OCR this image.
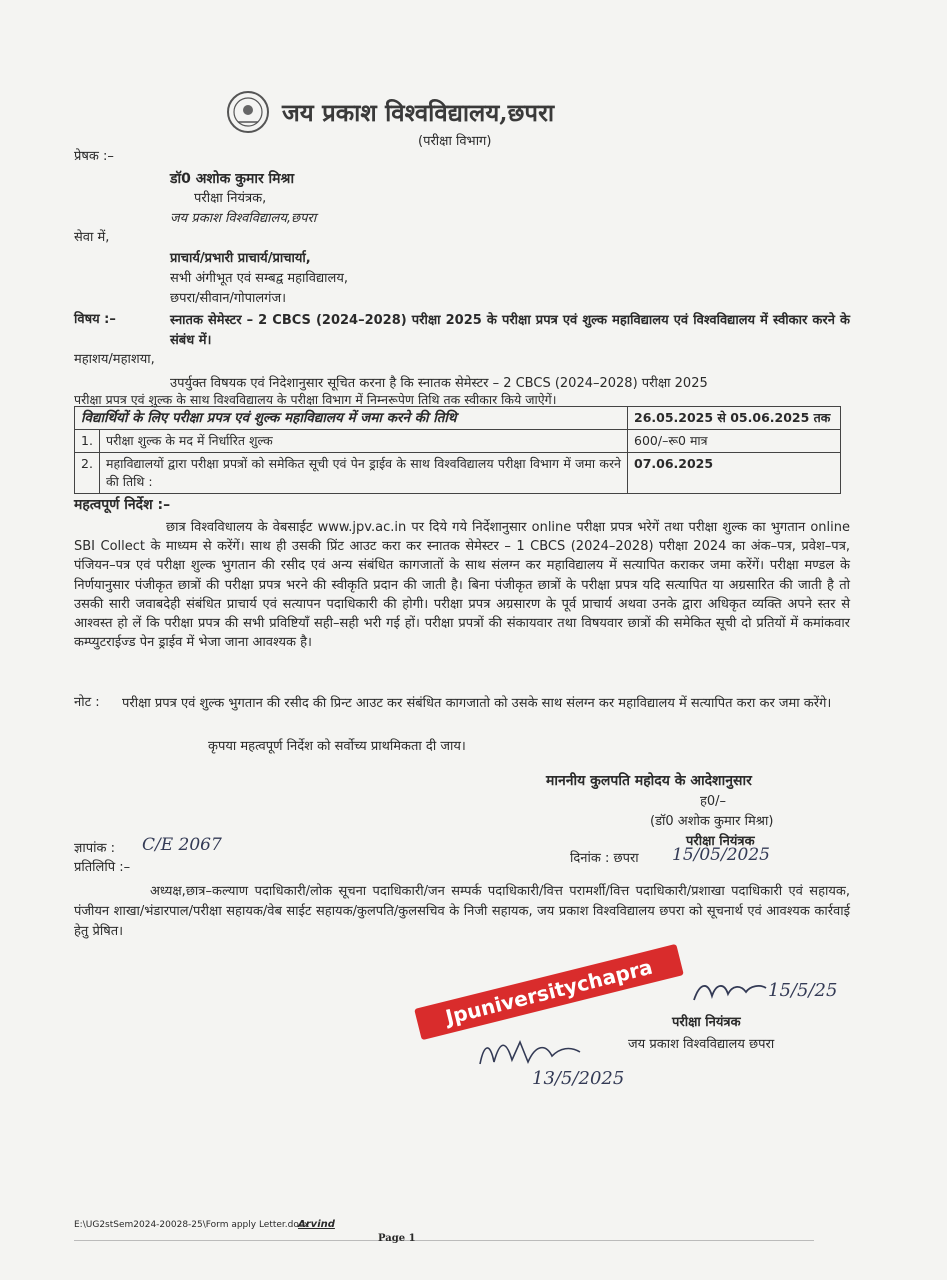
जय प्रकाश विश्वविद्यालय,छपरा
(परीक्षा विभाग)
प्रेषक :–
डॉ0 अशोक कुमार मिश्रा
परीक्षा नियंत्रक,
जय प्रकाश विश्वविद्यालय,छपरा
सेवा में,
प्राचार्य/प्रभारी प्राचार्य/प्राचार्या,
सभी अंगीभूत एवं सम्बद्व महाविद्यालय,
छपरा/सीवान/गोपालगंज।
विषय :–	स्नातक सेमेस्टर – 2 CBCS (2024–2028) परीक्षा 2025 के परीक्षा प्रपत्र एवं शुल्क महाविद्यालय एवं विश्वविद्यालय में स्वीकार करने के संबंध में।
महाशय/महाशया,
उपर्युक्त विषयक एवं निदेशानुसार सूचित करना है कि स्नातक सेमेस्टर – 2 CBCS (2024–2028) परीक्षा 2025
परीक्षा प्रपत्र एवं शुल्क के साथ विश्वविद्यालय के परीक्षा विभाग में निम्नरूपेण तिथि तक स्वीकार किये जाऐगें।
विद्यार्थियों के लिए परीक्षा प्रपत्र एवं शुल्क महाविद्यालय में जमा करने की तिथि		26.05.2025 से 05.06.2025 तक
1.	परीक्षा शुल्क के मद में निर्धारित शुल्क	600/–रू0 मात्र
2.	महाविद्यालयों द्वारा परीक्षा प्रपत्रों को समेकित सूची एवं पेन ड्राईव के साथ विश्वविद्यालय परीक्षा विभाग में जमा करने की तिथि :	07.06.2025
महत्वपूर्ण निर्देश :–
छात्र विश्वविधालय के वेबसाईट www.jpv.ac.in पर दिये गये निर्देशानुसार online परीक्षा प्रपत्र भरेगें तथा परीक्षा शुल्क का भुगतान online SBI Collect के माध्यम से करेंगें। साथ ही उसकी प्रिंट आउट करा कर स्नातक सेमेस्टर – 1 CBCS (2024–2028) परीक्षा 2024 का अंक–पत्र, प्रवेश–पत्र, पंजियन–पत्र एवं परीक्षा शुल्क भुगतान की रसीद एवं अन्य संबंधित कागजातों के साथ संलग्न कर महाविद्यालय में सत्यापित कराकर जमा करेंगें। परीक्षा मण्डल के निर्णयानुसार पंजीकृत छात्रों की परीक्षा प्रपत्र भरने की स्वीकृति प्रदान की जाती है। बिना पंजीकृत छात्रों के परीक्षा प्रपत्र यदि सत्यापित या अग्रसारित की जाती है तो उसकी सारी जवाबदेही संबंधित प्राचार्य एवं सत्यापन पदाधिकारी की होगी। परीक्षा प्रपत्र अग्रसारण के पूर्व प्राचार्य अथवा उनके द्वारा अधिकृत व्यक्ति अपने स्तर से आश्वस्त हो लें कि परीक्षा प्रपत्र की सभी प्रविष्टियॉं सही–सही भरी गई हों। परीक्षा प्रपत्रों की संकायवार तथा विषयवार छात्रों की समेकित सूची दो प्रतियों में कमांकवार कम्प्युटराईज्ड पेन ड्राईव में भेजा जाना आवश्यक है।
नोट : परीक्षा प्रपत्र एवं शुल्क भुगतान की रसीद की प्रिन्ट आउट कर संबंधित कागजातो को उसके साथ संलग्न कर महाविद्यालय में सत्यापित करा कर जमा करेंगे।
कृपया महत्वपूर्ण निर्देश को सर्वोच्य प्राथमिकता दी जाय।
माननीय कुलपति महोदय के आदेशानुसार
ह0/–
(डॉ0 अशोक कुमार मिश्रा)
परीक्षा नियंत्रक
ज्ञापांक : C/E 2067
प्रतिलिपि :–
दिनांक : छपरा 15/05/2025
अध्यक्ष,छात्र–कल्याण पदाधिकारी/लोक सूचना पदाधिकारी/जन सम्पर्क पदाधिकारी/वित्त परामर्शी/वित्त पदाधिकारी/प्रशाखा पदाधिकारी एवं सहायक, पंजीयन शाखा/भंडारपाल/परीक्षा सहायक/वेब साईट सहायक/कुलपति/कुलसचिव के निजी सहायक, जय प्रकाश विश्वविद्यालय छपरा को सूचनार्थ एवं आवश्यक कार्रवाई हेतु प्रेषित।
15/5/25
परीक्षा नियंत्रक
जय प्रकाश विश्वविद्यालय छपरा
13/5/2025
Jpuniversitychapra
E:\UG2stSem2024-20028-25\Form apply Letter.docx
Arvind
Page 1
